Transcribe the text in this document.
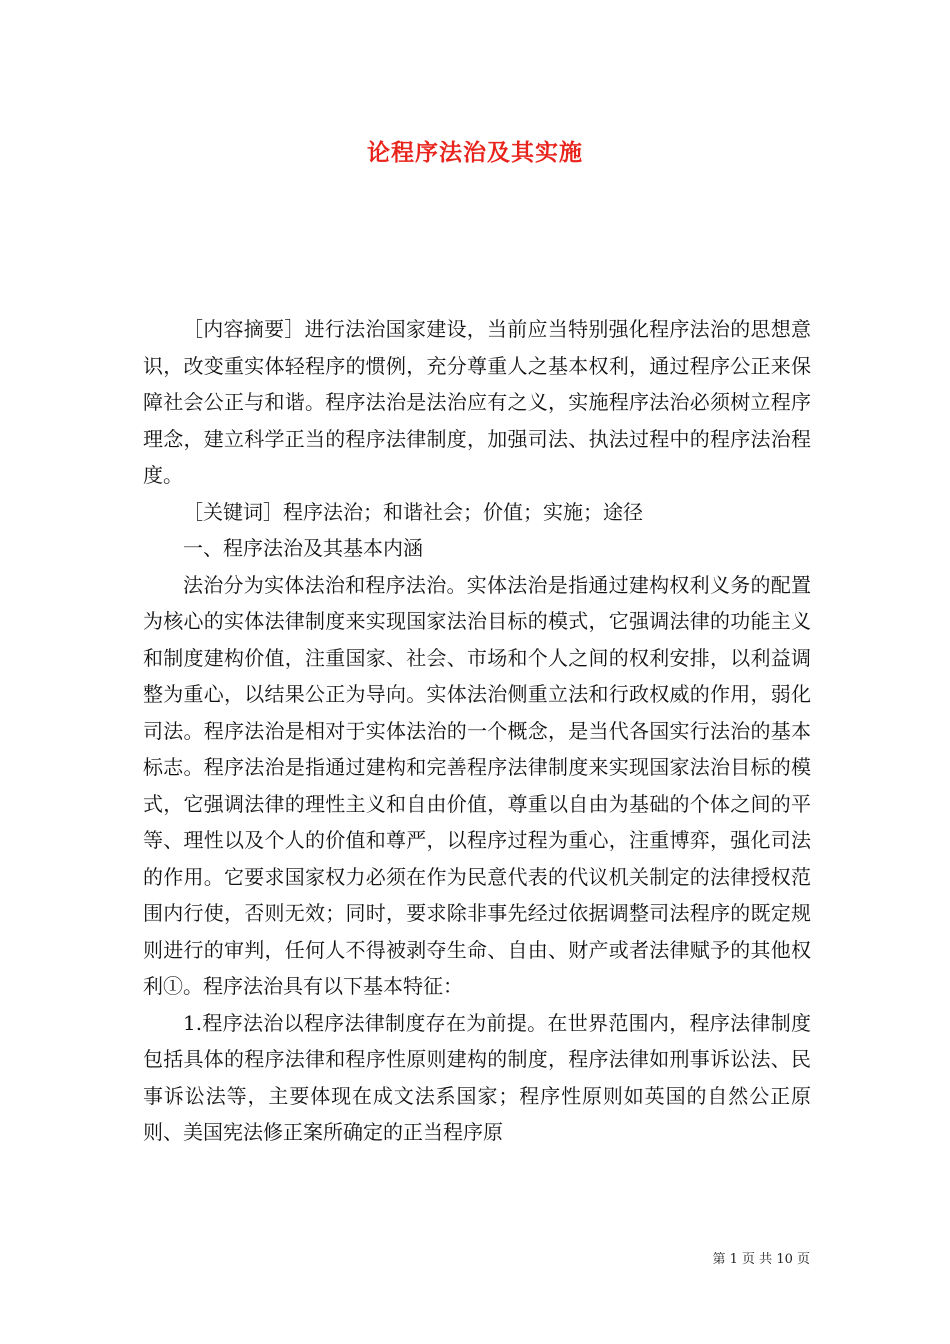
论程序法治及其实施

［内容摘要］进行法治国家建设，当前应当特别强化程序法治的思想意识，改变重实体轻程序的惯例，充分尊重人之基本权利，通过程序公正来保障社会公正与和谐。程序法治是法治应有之义，实施程序法治必须树立程序理念，建立科学正当的程序法律制度，加强司法、执法过程中的程序法治程度。

［关键词］程序法治；和谐社会；价值；实施；途径

一、程序法治及其基本内涵

法治分为实体法治和程序法治。实体法治是指通过建构权利义务的配置为核心的实体法律制度来实现国家法治目标的模式，它强调法律的功能主义和制度建构价值，注重国家、社会、市场和个人之间的权利安排，以利益调整为重心，以结果公正为导向。实体法治侧重立法和行政权威的作用，弱化司法。程序法治是相对于实体法治的一个概念，是当代各国实行法治的基本标志。程序法治是指通过建构和完善程序法律制度来实现国家法治目标的模式，它强调法律的理性主义和自由价值，尊重以自由为基础的个体之间的平等、理性以及个人的价值和尊严，以程序过程为重心，注重博弈，强化司法的作用。它要求国家权力必须在作为民意代表的代议机关制定的法律授权范围内行使，否则无效；同时，要求除非事先经过依据调整司法程序的既定规则进行的审判，任何人不得被剥夺生命、自由、财产或者法律赋予的其他权利①。程序法治具有以下基本特征：

1.程序法治以程序法律制度存在为前提。在世界范围内，程序法律制度包括具体的程序法律和程序性原则建构的制度，程序法律如刑事诉讼法、民事诉讼法等，主要体现在成文法系国家；程序性原则如英国的自然公正原则、美国宪法修正案所确定的正当程序原

第 1 页 共 10 页
